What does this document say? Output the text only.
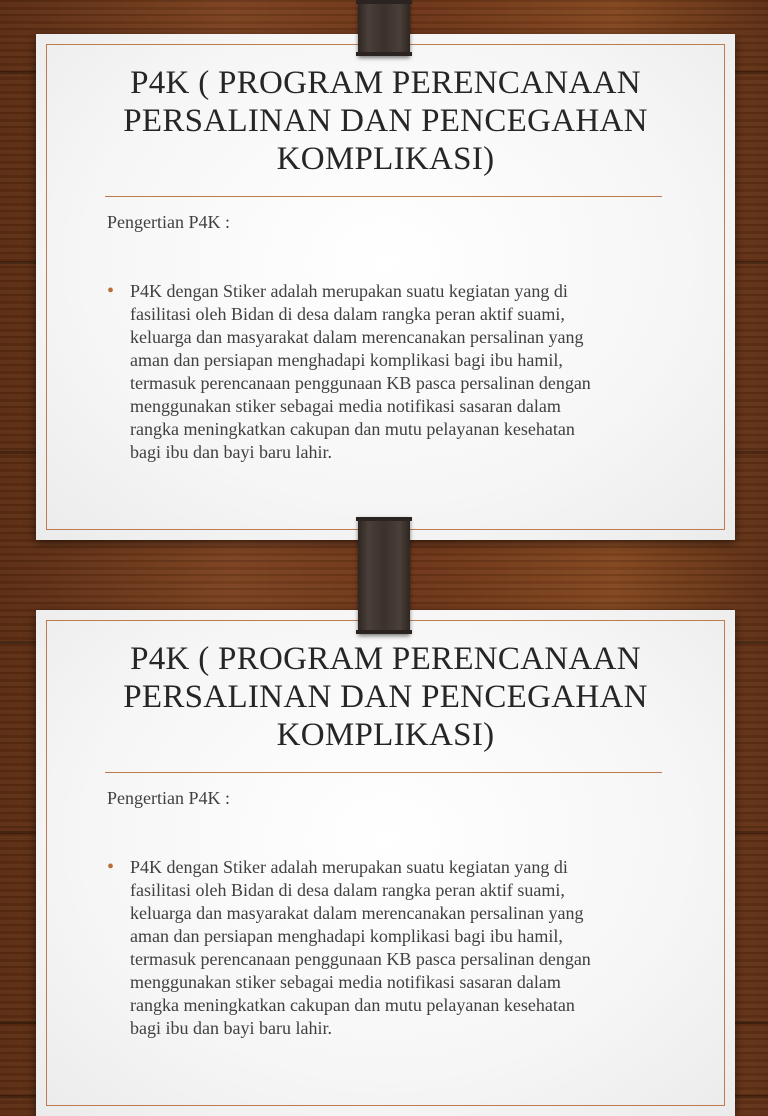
P4K ( PROGRAM PERENCANAAN
PERSALINAN DAN PENCEGAHAN
KOMPLIKASI)

Pengertian P4K :

• P4K dengan Stiker adalah merupakan suatu kegiatan yang di
fasilitasi oleh Bidan di desa dalam rangka peran aktif suami,
keluarga dan masyarakat dalam merencanakan persalinan yang
aman dan persiapan menghadapi komplikasi bagi ibu hamil,
termasuk perencanaan penggunaan KB pasca persalinan dengan
menggunakan stiker sebagai media notifikasi sasaran dalam
rangka meningkatkan cakupan dan mutu pelayanan kesehatan
bagi ibu dan bayi baru lahir.
P4K ( PROGRAM PERENCANAAN
PERSALINAN DAN PENCEGAHAN
KOMPLIKASI)

Pengertian P4K :

• P4K dengan Stiker adalah merupakan suatu kegiatan yang di
fasilitasi oleh Bidan di desa dalam rangka peran aktif suami,
keluarga dan masyarakat dalam merencanakan persalinan yang
aman dan persiapan menghadapi komplikasi bagi ibu hamil,
termasuk perencanaan penggunaan KB pasca persalinan dengan
menggunakan stiker sebagai media notifikasi sasaran dalam
rangka meningkatkan cakupan dan mutu pelayanan kesehatan
bagi ibu dan bayi baru lahir.
